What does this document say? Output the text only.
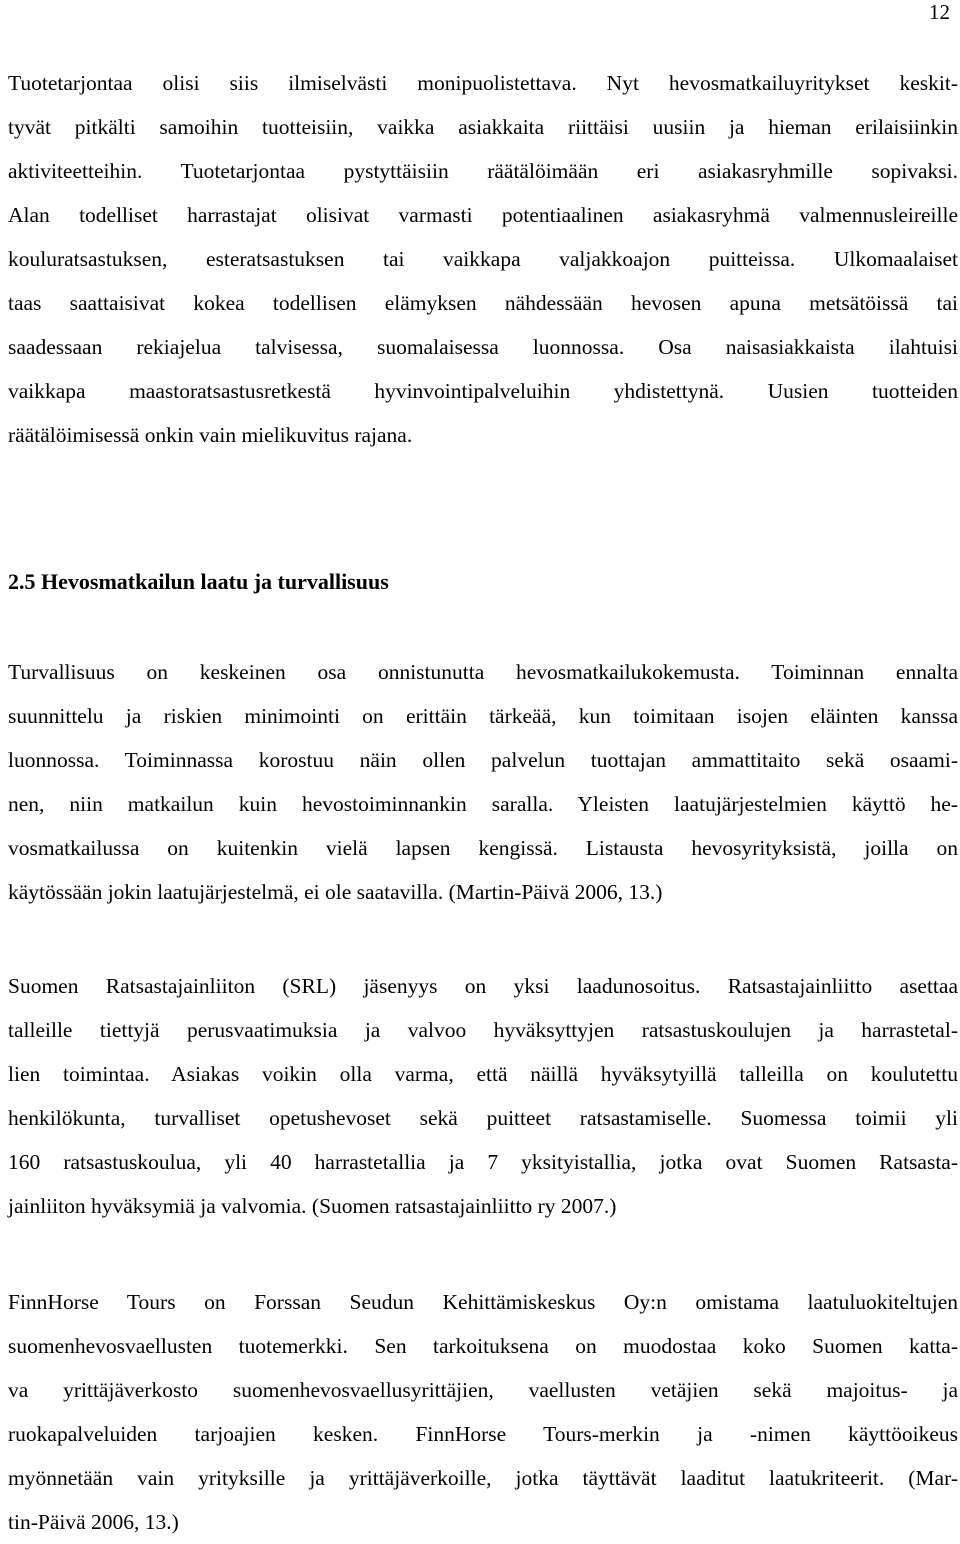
12
Tuotetarjontaa olisi siis ilmiselvästi monipuolistettava. Nyt hevosmatkailuyritykset keskit-
tyvät pitkälti samoihin tuotteisiin, vaikka asiakkaita riittäisi uusiin ja hieman erilaisiinkin
aktiviteetteihin. Tuotetarjontaa pystyttäisiin räätälöimään eri asiakasryhmille sopivaksi.
Alan todelliset harrastajat olisivat varmasti potentiaalinen asiakasryhmä valmennusleireille
kouluratsastuksen, esteratsastuksen tai vaikkapa valjakkoajon puitteissa. Ulkomaalaiset
taas saattaisivat kokea todellisen elämyksen nähdessään hevosen apuna metsätöissä tai
saadessaan rekiajelua talvisessa, suomalaisessa luonnossa. Osa naisasiakkaista ilahtuisi
vaikkapa maastoratsastusretkestä hyvinvointipalveluihin yhdistettynä. Uusien tuotteiden
räätälöimisessä onkin vain mielikuvitus rajana.
2.5 Hevosmatkailun laatu ja turvallisuus
Turvallisuus on keskeinen osa onnistunutta hevosmatkailukokemusta. Toiminnan ennalta
suunnittelu ja riskien minimointi on erittäin tärkeää, kun toimitaan isojen eläinten kanssa
luonnossa. Toiminnassa korostuu näin ollen palvelun tuottajan ammattitaito sekä osaami-
nen, niin matkailun kuin hevostoiminnankin saralla. Yleisten laatujärjestelmien käyttö he-
vosmatkailussa on kuitenkin vielä lapsen kengissä. Listausta hevosyrityksistä, joilla on
käytössään jokin laatujärjestelmä, ei ole saatavilla. (Martin-Päivä 2006, 13.)
Suomen Ratsastajainliiton (SRL) jäsenyys on yksi laadunosoitus. Ratsastajainliitto asettaa
talleille tiettyjä perusvaatimuksia ja valvoo hyväksyttyjen ratsastuskoulujen ja harrastetal-
lien toimintaa. Asiakas voikin olla varma, että näillä hyväksytyillä talleilla on koulutettu
henkilökunta, turvalliset opetushevoset sekä puitteet ratsastamiselle. Suomessa toimii yli
160 ratsastuskoulua, yli 40 harrastetallia ja 7 yksityistallia, jotka ovat Suomen Ratsasta-
jainliiton hyväksymiä ja valvomia. (Suomen ratsastajainliitto ry 2007.)
FinnHorse Tours on Forssan Seudun Kehittämiskeskus Oy:n omistama laatuluokiteltujen
suomenhevosvaellusten tuotemerkki. Sen tarkoituksena on muodostaa koko Suomen katta-
va yrittäjäverkosto suomenhevosvaellusyrittäjien, vaellusten vetäjien sekä majoitus- ja
ruokapalveluiden tarjoajien kesken. FinnHorse Tours-merkin ja -nimen käyttöoikeus
myönnetään vain yrityksille ja yrittäjäverkoille, jotka täyttävät laaditut laatukriteerit. (Mar-
tin-Päivä 2006, 13.)
